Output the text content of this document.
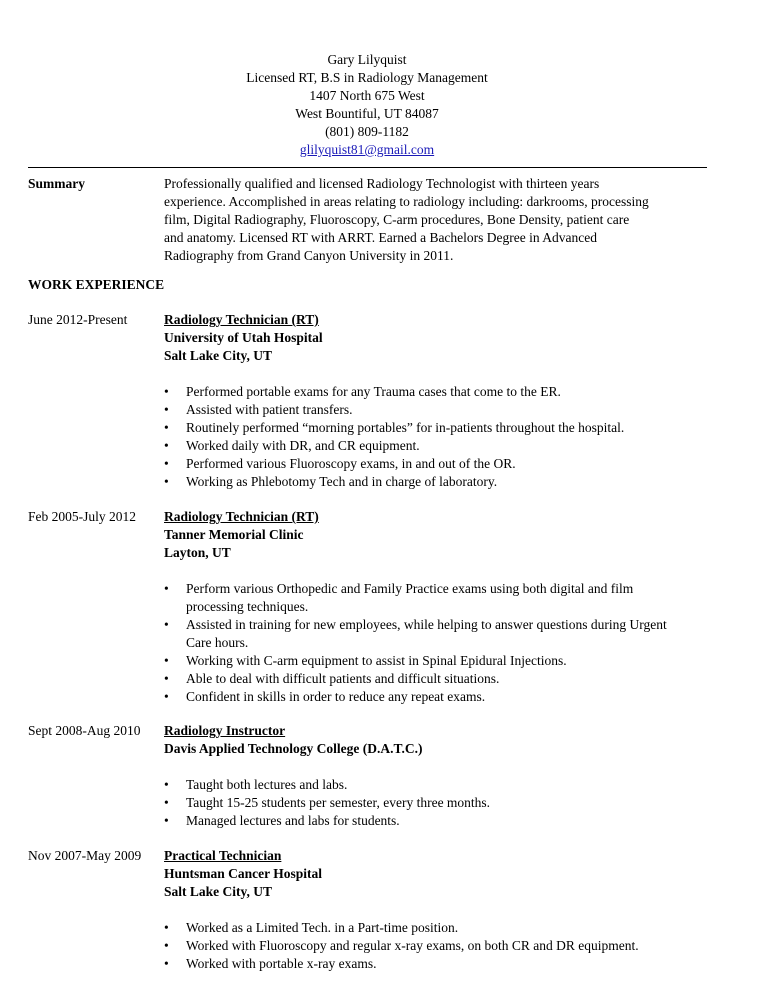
Gary Lilyquist
Licensed RT, B.S in Radiology Management
1407 North 675 West
West Bountiful, UT 84087
(801) 809-1182
glilyquist81@gmail.com
Summary	Professionally qualified and licensed Radiology Technologist with thirteen years
experience. Accomplished in areas relating to radiology including: darkrooms, processing
film, Digital Radiography, Fluoroscopy, C-arm procedures, Bone Density, patient care
and anatomy. Licensed RT with ARRT. Earned a Bachelors Degree in Advanced
Radiography from Grand Canyon University in 2011.
WORK EXPERIENCE
June 2012-Present	Radiology Technician (RT)
University of Utah Hospital
Salt Lake City, UT
• Performed portable exams for any Trauma cases that come to the ER.
• Assisted with patient transfers.
• Routinely performed “morning portables” for in-patients throughout the hospital.
• Worked daily with DR, and CR equipment.
• Performed various Fluoroscopy exams, in and out of the OR.
• Working as Phlebotomy Tech and in charge of laboratory.
Feb 2005-July 2012 Radiology Technician (RT)
Tanner Memorial Clinic
Layton, UT
• Perform various Orthopedic and Family Practice exams using both digital and film processing techniques.
• Assisted in training for new employees, while helping to answer questions during Urgent Care hours.
• Working with C-arm equipment to assist in Spinal Epidural Injections.
• Able to deal with difficult patients and difficult situations.
• Confident in skills in order to reduce any repeat exams.
Sept 2008-Aug 2010 Radiology Instructor
Davis Applied Technology College (D.A.T.C.)
• Taught both lectures and labs.
• Taught 15-25 students per semester, every three months.
• Managed lectures and labs for students.
Nov 2007-May 2009 Practical Technician
Huntsman Cancer Hospital
Salt Lake City, UT
• Worked as a Limited Tech. in a Part-time position.
• Worked with Fluoroscopy and regular x-ray exams, on both CR and DR equipment.
• Worked with portable x-ray exams.
